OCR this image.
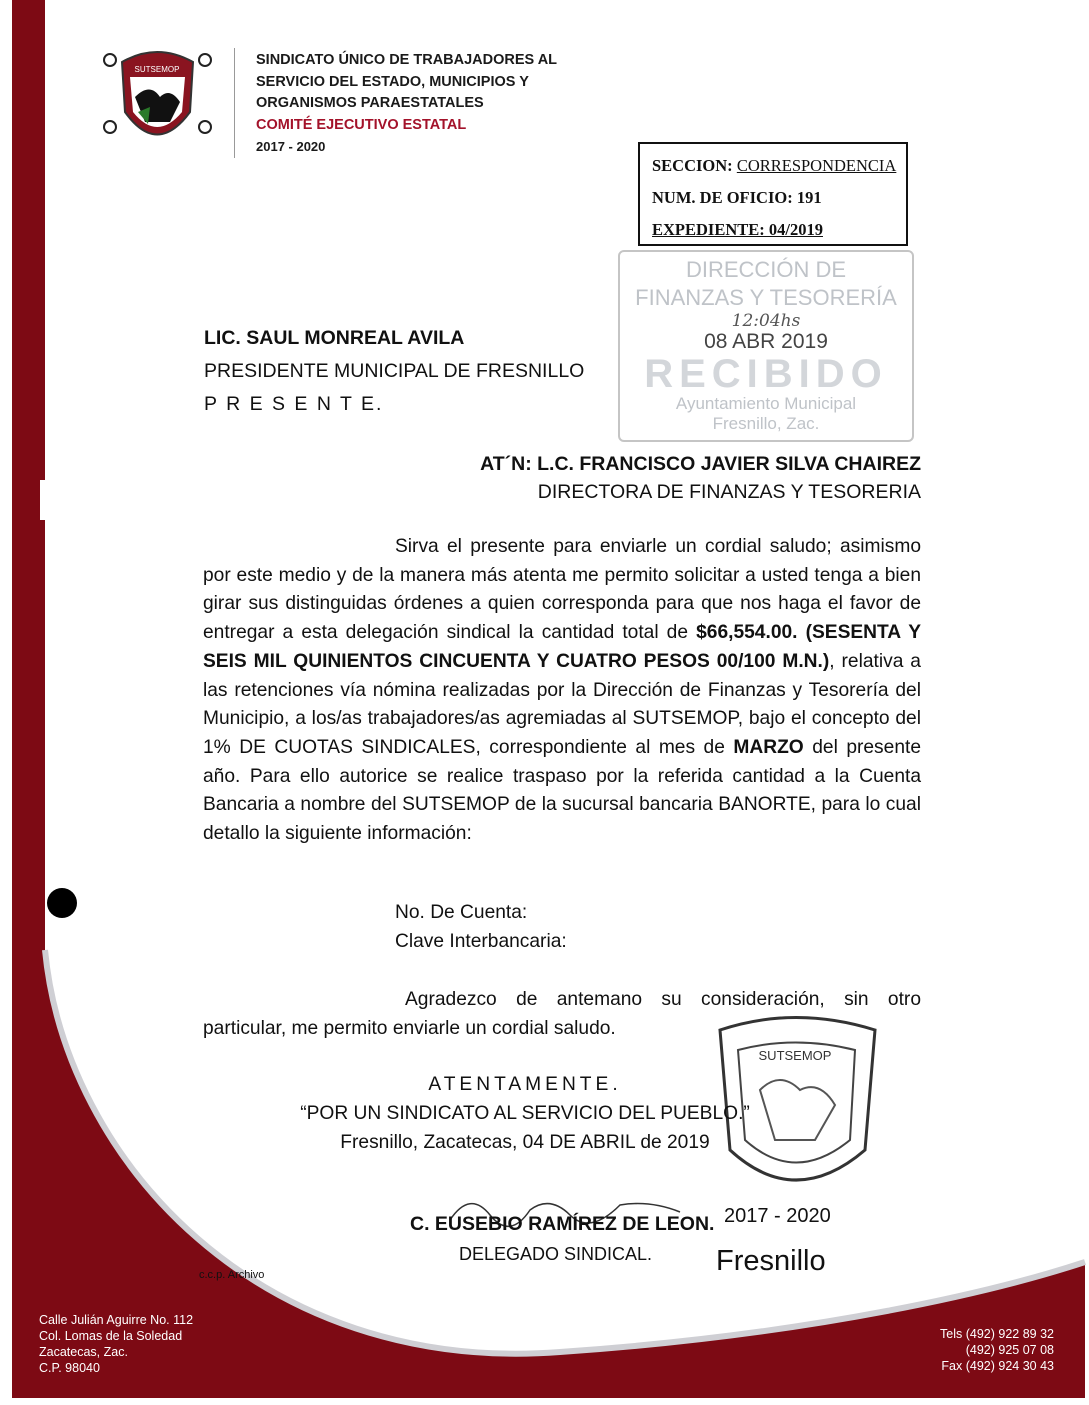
SUTSEMOP
SINDICATO ÚNICO DE TRABAJADORES AL
SERVICIO DEL ESTADO, MUNICIPIOS Y
ORGANISMOS PARAESTATALES
COMITÉ EJECUTIVO ESTATAL
2017 - 2020
SECCION: CORRESPONDENCIA
NUM. DE OFICIO: 191
EXPEDIENTE: 04/2019
DIRECCIÓN DE
FINANZAS Y TESORERÍA
12:04hs
08 ABR 2019
RECIBIDO
Ayuntamiento Municipal
Fresnillo, Zac.
LIC. SAUL MONREAL AVILA
PRESIDENTE MUNICIPAL DE FRESNILLO
P R E S E N T E.
AT´N: L.C. FRANCISCO JAVIER SILVA CHAIREZ
DIRECTORA DE FINANZAS Y TESORERIA
Sirva el presente para enviarle un cordial saludo; asimismo por este medio y de la manera más atenta me permito solicitar a usted tenga a bien girar sus distinguidas órdenes a quien corresponda para que nos haga el favor de entregar a esta delegación sindical la cantidad total de $66,554.00. (SESENTA Y SEIS MIL QUINIENTOS CINCUENTA Y CUATRO PESOS 00/100 M.N.), relativa a las retenciones vía nómina realizadas por la Dirección de Finanzas y Tesorería del Municipio, a los/as trabajadores/as agremiadas al SUTSEMOP, bajo el concepto del 1% DE CUOTAS SINDICALES, correspondiente al mes de MARZO del presente año. Para ello autorice se realice traspaso por la referida cantidad a la Cuenta Bancaria a nombre del SUTSEMOP de la sucursal bancaria BANORTE, para lo cual detallo la siguiente información:
No. De Cuenta:
Clave Interbancaria:
Agradezco de antemano su consideración, sin otro particular, me permito enviarle un cordial saludo.
SUTSEMOP
2017 - 2020
Fresnillo
ATENTAMENTE.
“POR UN SINDICATO AL SERVICIO DEL PUEBLO.”
Fresnillo, Zacatecas, 04 DE ABRIL de 2019
C. EUSEBIO RAMÍREZ DE LEON.
DELEGADO SINDICAL.
c.c.p. Archivo
Calle Julián Aguirre No. 112
Col. Lomas de la Soledad
Zacatecas, Zac.
C.P. 98040
Tels (492) 922 89 32
(492) 925 07 08
Fax (492) 924 30 43
